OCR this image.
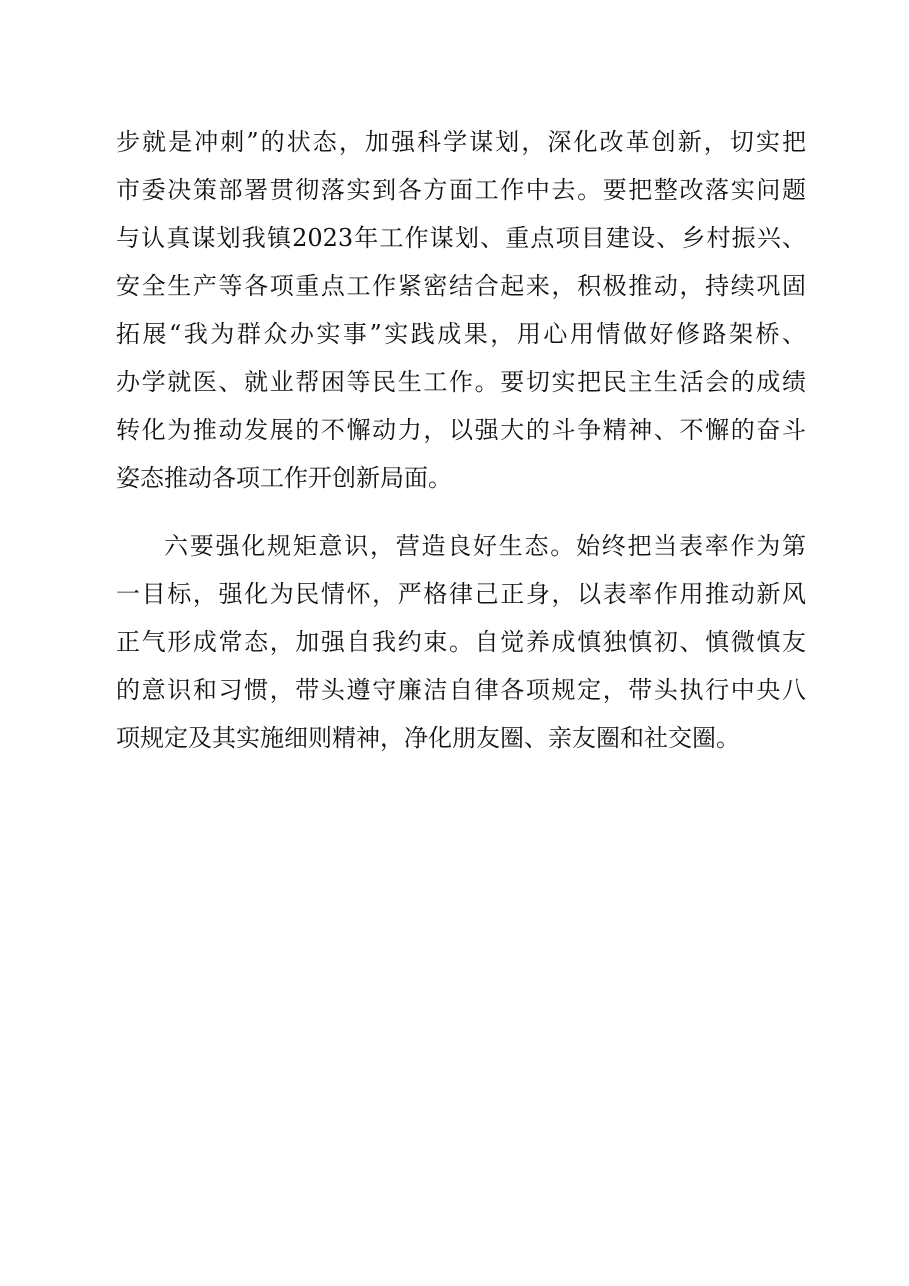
步就是冲刺”的状态，加强科学谋划，深化改革创新，切实把
市委决策部署贯彻落实到各方面工作中去。要把整改落实问题
与认真谋划我镇2023年工作谋划、重点项目建设、乡村振兴、
安全生产等各项重点工作紧密结合起来，积极推动，持续巩固
拓展“我为群众办实事”实践成果，用心用情做好修路架桥、
办学就医、就业帮困等民生工作。要切实把民主生活会的成绩
转化为推动发展的不懈动力，以强大的斗争精神、不懈的奋斗
姿态推动各项工作开创新局面。
六要强化规矩意识，营造良好生态。始终把当表率作为第
一目标，强化为民情怀，严格律己正身，以表率作用推动新风
正气形成常态，加强自我约束。自觉养成慎独慎初、慎微慎友
的意识和习惯，带头遵守廉洁自律各项规定，带头执行中央八
项规定及其实施细则精神，净化朋友圈、亲友圈和社交圈。
